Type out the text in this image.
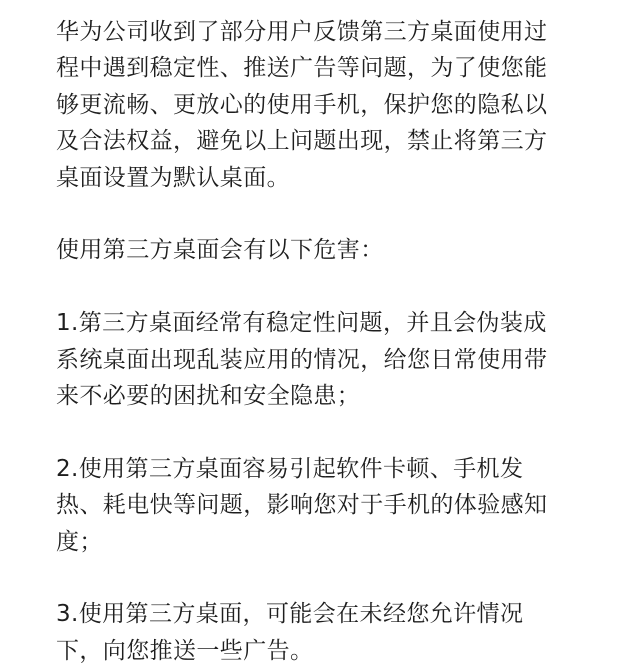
华为公司收到了部分用户反馈第三方桌面使用过
程中遇到稳定性、推送广告等问题，为了使您能
够更流畅、更放心的使用手机，保护您的隐私以
及合法权益，避免以上问题出现，禁止将第三方
桌面设置为默认桌面。

使用第三方桌面会有以下危害：

1.第三方桌面经常有稳定性问题，并且会伪装成
系统桌面出现乱装应用的情况，给您日常使用带
来不必要的困扰和安全隐患；

2.使用第三方桌面容易引起软件卡顿、手机发
热、耗电快等问题，影响您对于手机的体验感知
度；

3.使用第三方桌面，可能会在未经您允许情况
下，向您推送一些广告。
